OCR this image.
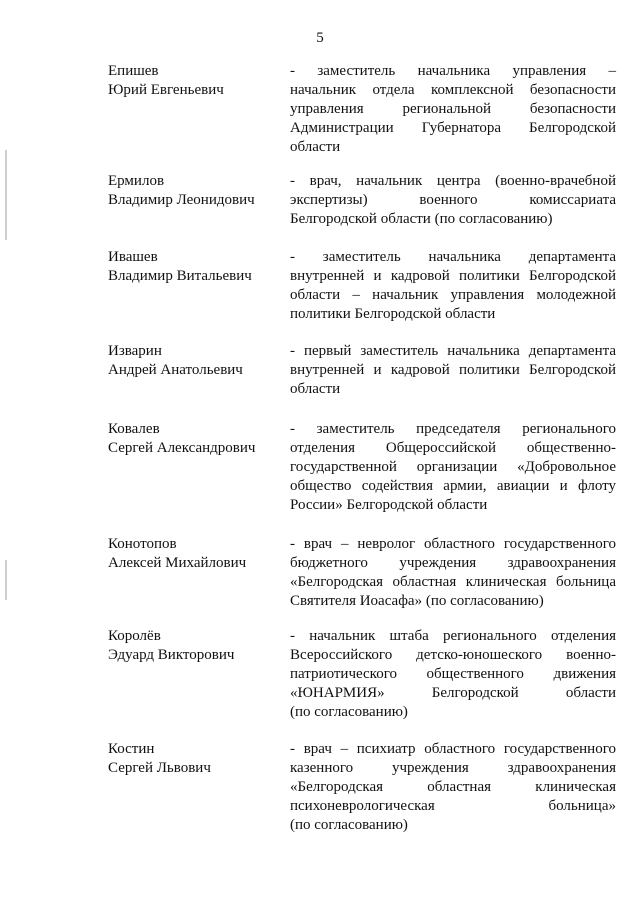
5
Епишев
Юрий Евгеньевич
- заместитель начальника управления –
начальник отдела комплексной безопасности
управления региональной безопасности
Администрации Губернатора Белгородской
области
Ермилов
Владимир Леонидович
- врач, начальник центра (военно-врачебной
экспертизы) военного комиссариата
Белгородской области (по согласованию)
Ивашев
Владимир Витальевич
- заместитель начальника департамента
внутренней и кадровой политики Белгородской
области – начальник управления молодежной
политики Белгородской области
Изварин
Андрей Анатольевич
- первый заместитель начальника департамента
внутренней и кадровой политики Белгородской
области
Ковалев
Сергей Александрович
- заместитель председателя регионального
отделения Общероссийской общественно-
государственной организации «Добровольное
общество содействия армии, авиации и флоту
России» Белгородской области
Конотопов
Алексей Михайлович
- врач – невролог областного государственного
бюджетного учреждения здравоохранения
«Белгородская областная клиническая больница
Святителя Иоасафа» (по согласованию)
Королёв
Эдуард Викторович
- начальник штаба регионального отделения
Всероссийского детско-юношеского военно-
патриотического общественного движения
«ЮНАРМИЯ» Белгородской области
(по согласованию)
Костин
Сергей Львович
- врач – психиатр областного государственного
казенного учреждения здравоохранения
«Белгородская областная клиническая
психоневрологическая больница»
(по согласованию)
